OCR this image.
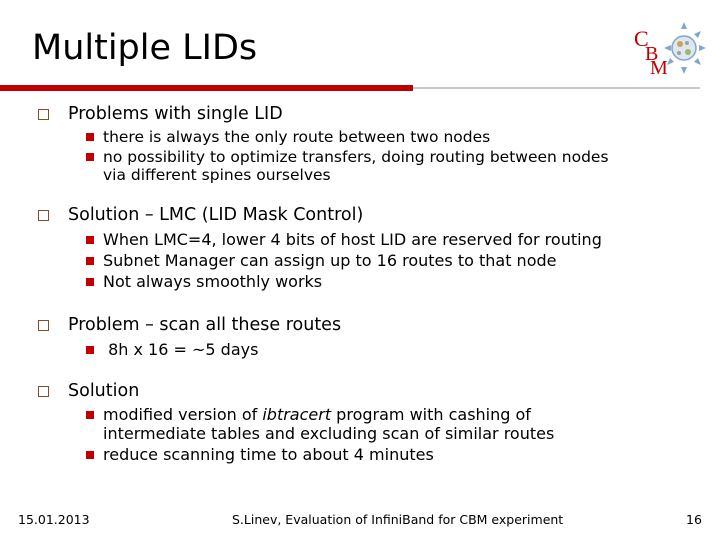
Multiple LIDs	C
B
M
Problems with single LID
there is always the only route between two nodes
no possibility to optimize transfers, doing routing between nodes
via different spines ourselves
Solution – LMC (LID Mask Control)
When LMC=4, lower 4 bits of host LID are reserved for routing
Subnet Manager can assign up to 16 routes to that node
Not always smoothly works
Problem – scan all these routes
8h x 16 = ~5 days
Solution
modified version of ibtracert program with cashing of
intermediate tables and excluding scan of similar routes
reduce scanning time to about 4 minutes
15.01.2013	S.Linev, Evaluation of InfiniBand for CBM experiment	16
